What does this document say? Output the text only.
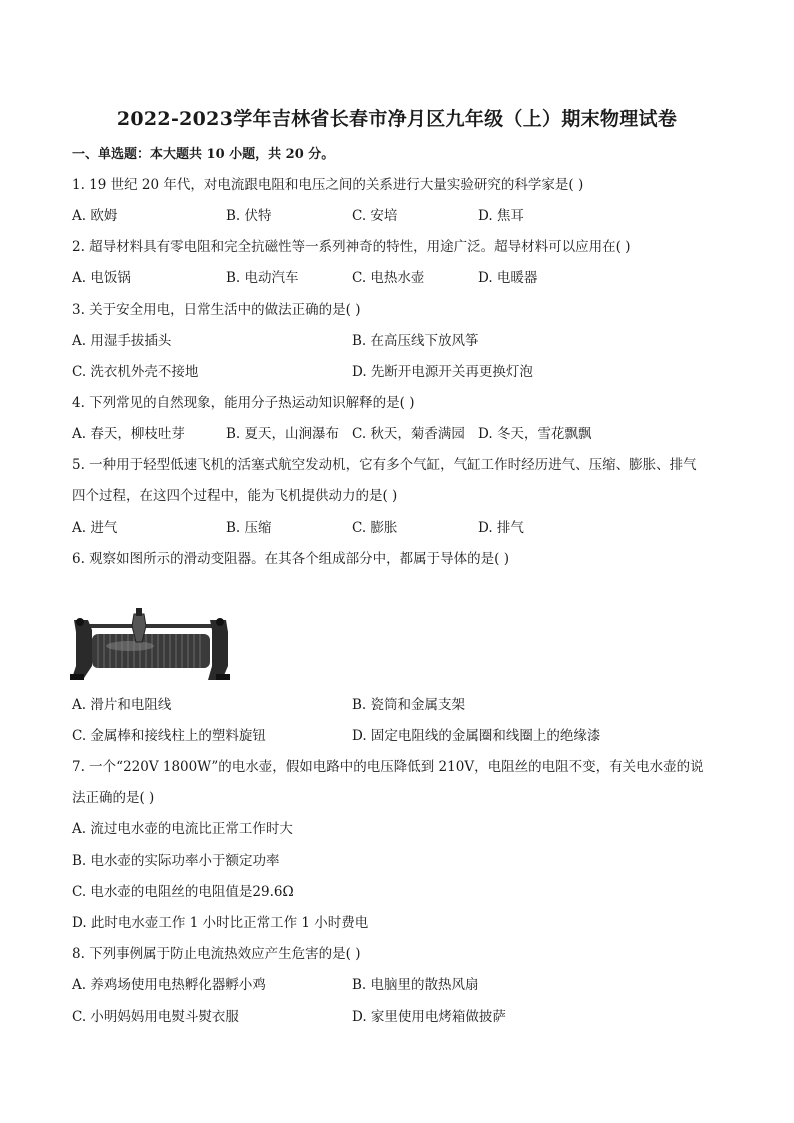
2022-2023学年吉林省长春市净月区九年级（上）期末物理试卷
一、单选题：本大题共 10 小题，共 20 分。
1. 19 世纪 20 年代，对电流跟电阻和电压之间的关系进行大量实验研究的科学家是( )
A. 欧姆	B. 伏特	C. 安培	D. 焦耳
2. 超导材料具有零电阻和完全抗磁性等一系列神奇的特性，用途广泛。超导材料可以应用在( )
A. 电饭锅	B. 电动汽车	C. 电热水壶	D. 电暖器
3. 关于安全用电，日常生活中的做法正确的是( )
A. 用湿手拔插头	B. 在高压线下放风筝
C. 洗衣机外壳不接地	D. 先断开电源开关再更换灯泡
4. 下列常见的自然现象，能用分子热运动知识解释的是( )
A. 春天，柳枝吐芽	B. 夏天，山涧瀑布 C. 秋天，菊香满园 D. 冬天，雪花飘飘
5. 一种用于轻型低速飞机的活塞式航空发动机，它有多个气缸，气缸工作时经历进气、压缩、膨胀、排气
四个过程，在这四个过程中，能为飞机提供动力的是( )
A. 进气	B. 压缩	C. 膨胀	D. 排气
6. 观察如图所示的滑动变阻器。在其各个组成部分中，都属于导体的是( )
A. 滑片和电阻线	B. 瓷筒和金属支架
C. 金属棒和接线柱上的塑料旋钮	D. 固定电阻线的金属圈和线圈上的绝缘漆
7. 一个“220V 1800W”的电水壶，假如电路中的电压降低到 210V，电阻丝的电阻不变，有关电水壶的说
法正确的是( )
A. 流过电水壶的电流比正常工作时大
B. 电水壶的实际功率小于额定功率
C. 电水壶的电阻丝的电阻值是29.6Ω
D. 此时电水壶工作 1 小时比正常工作 1 小时费电
8. 下列事例属于防止电流热效应产生危害的是( )
A. 养鸡场使用电热孵化器孵小鸡	B. 电脑里的散热风扇
C. 小明妈妈用电熨斗熨衣服	D. 家里使用电烤箱做披萨
